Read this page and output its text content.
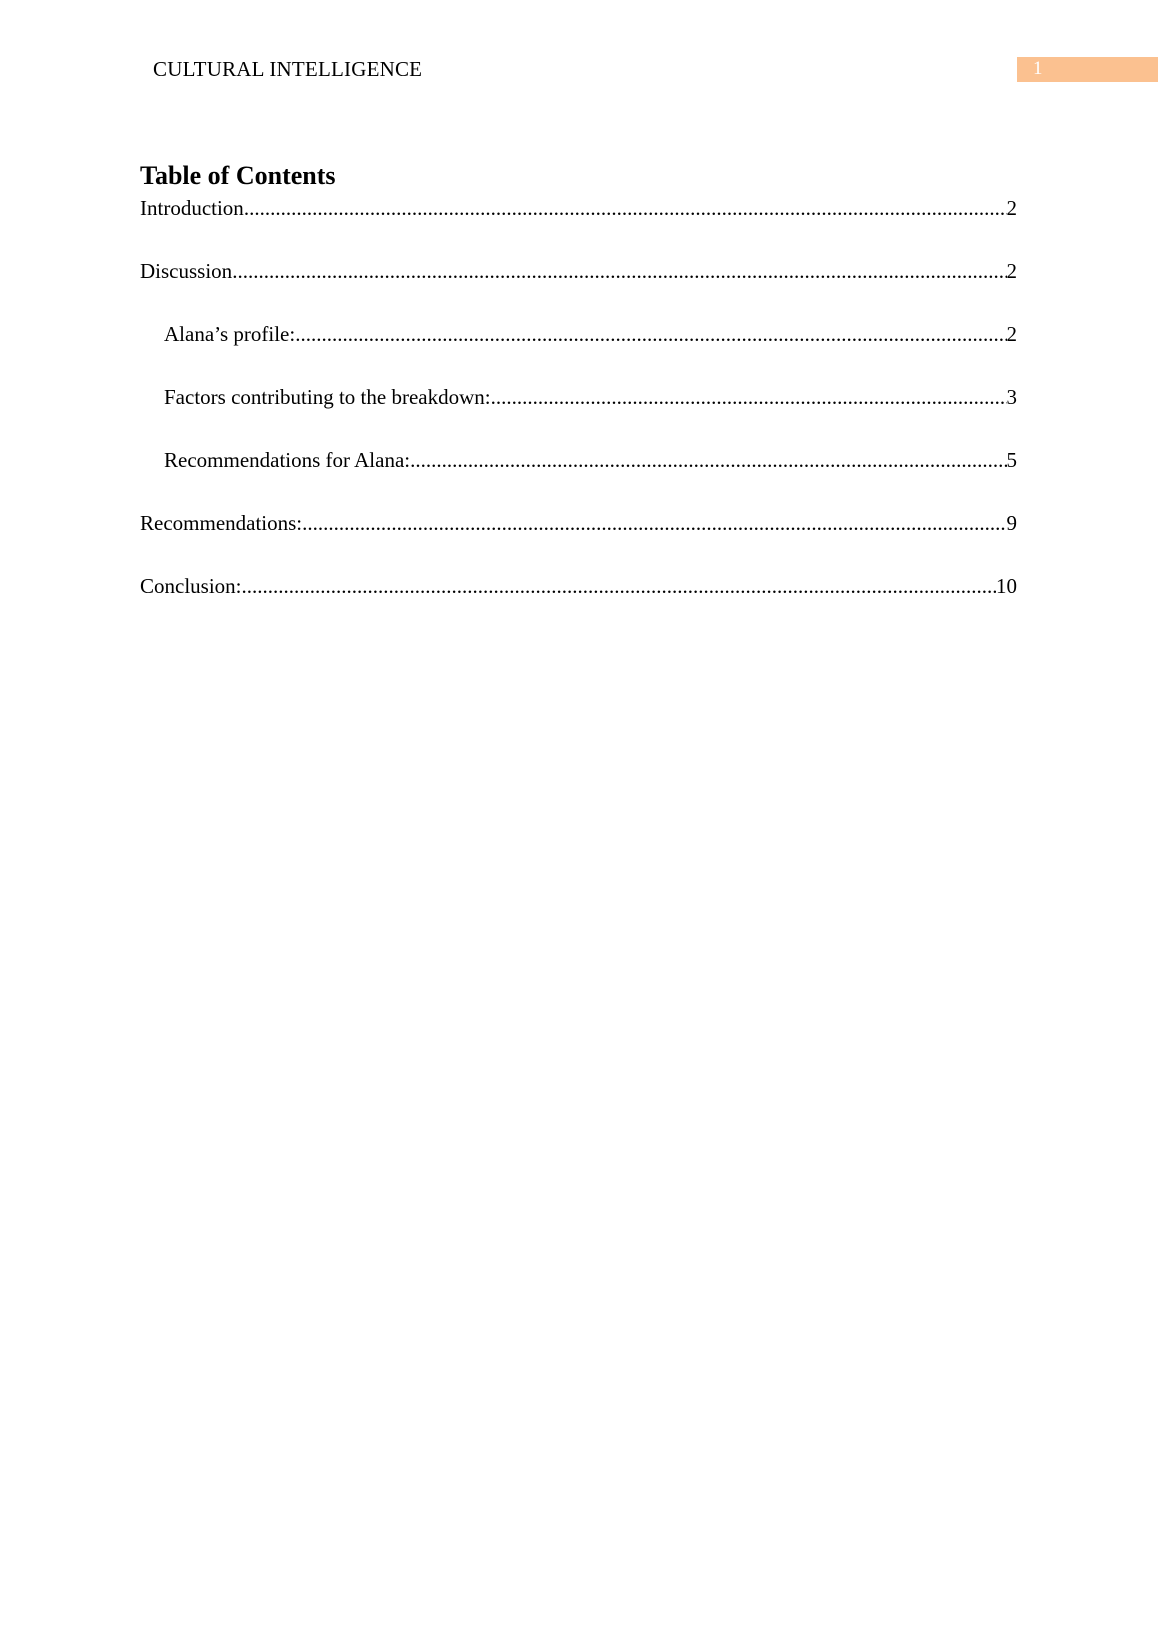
CULTURAL INTELLIGENCE	1
Table of Contents
Introduction .....	2
Discussion .....	2
Alana’s profile: .....	2
Factors contributing to the breakdown: .....	3
Recommendations for Alana: .....	5
Recommendations: .....	9
Conclusion: .....	10
